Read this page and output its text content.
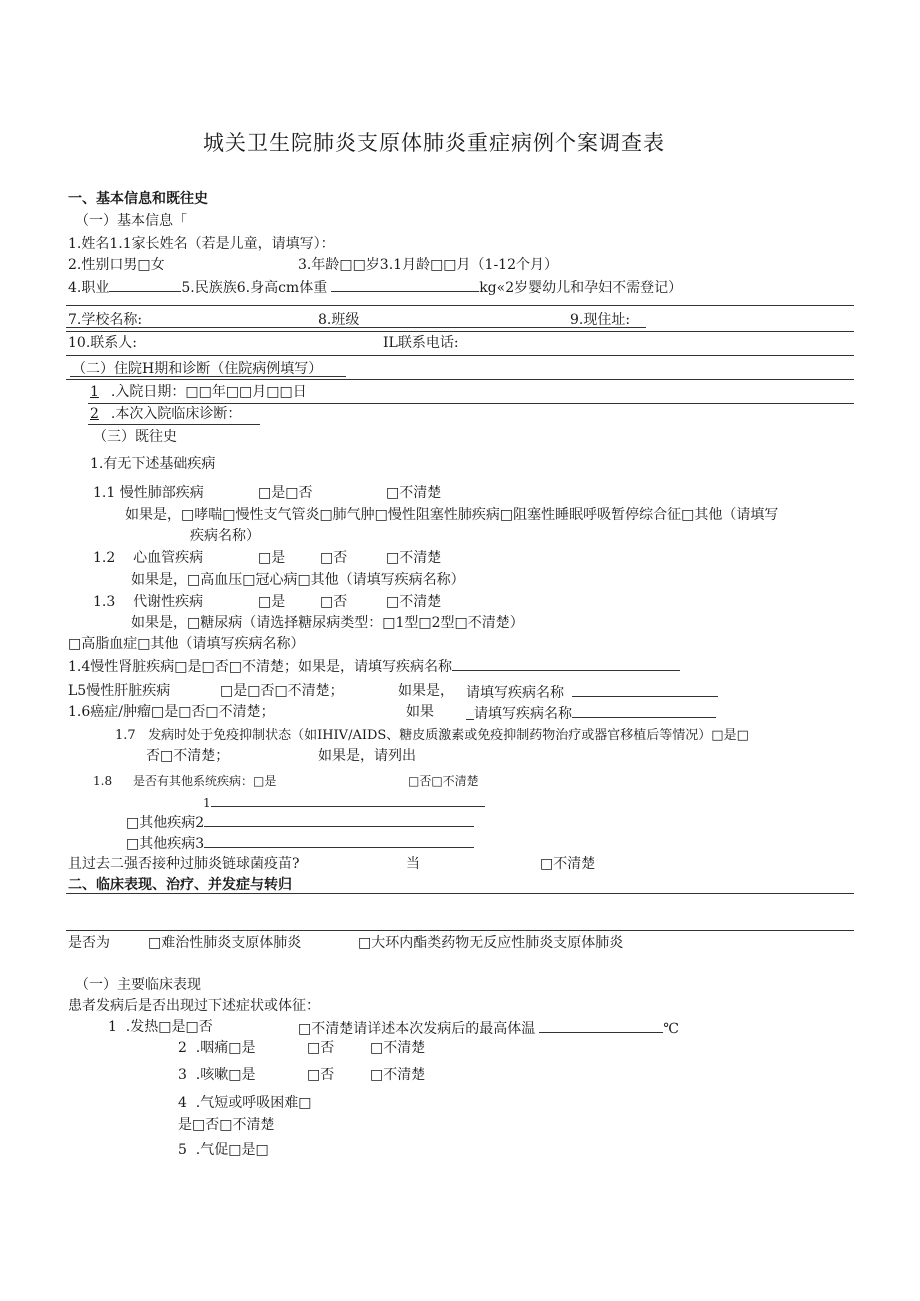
城关卫生院肺炎支原体肺炎重症病例个案调查表
一、基本信息和既往史
（一）基本信息「
1.姓名1.1家长姓名（若是儿童，请填写）：
2.性别口男□女	3.年龄□□岁3.1月龄□□月（1-12个月）
4.职业	5.民族族6.身高cm体重	kg«2岁婴幼儿和孕妇不需登记）
7.学校名称:	8.班级	9.现住址:
10.联系人:	IL联系电话:
（二）住院H期和诊断（住院病例填写）
1 .入院日期：□□年□□月□□日
2 .本次入院临床诊断：
（三）既往史
1.有无下述基础疾病
1.1 慢性肺部疾病	□是□否	□不清楚
如果是，□哮喘□慢性支气管炎□肺气肿□慢性阻塞性肺疾病□阻塞性睡眠呼吸暂停综合征□其他（请填写
疾病名称）
1.2    心血管疾病	□是 □否	□不清楚
如果是，□高血压□冠心病□其他（请填写疾病名称）
1.3    代谢性疾病	□是 □否	□不清楚
如果是，□糖尿病（请选择糖尿病类型：□1型□2型□不清楚）
□高脂血症□其他（请填写疾病名称）
1.4慢性肾脏疾病□是□否□不清楚；如果是，请填写疾病名称
L5慢性肝脏疾病	□是□否□不清楚；	如果是， 请填写疾病名称
1.6癌症/肿瘤□是□否□不清楚；	如果	请填写疾病名称
1.7   发病时处于免疫抑制状态（如IHIV/AIDS、糖皮质激素或免疫抑制药物治疗或器官移植后等情况）□是□
否□不清楚；	如果是，请列出
1.8 是否有其他系统疾病：□是	□否□不清楚
1
□其他疾病2
□其他疾病3
且过去二强否接种过肺炎链球菌疫苗?	当	□不清楚
二、临床表现、治疗、并发症与转归
是否为	□难治性肺炎支原体肺炎	□大环内酯类药物无反应性肺炎支原体肺炎
（一）主要临床表现
患者发病后是否出现过下述症状或体征：
1  .发热□是□否	□不清楚请详述本次发病后的最高体温	℃
2  .咽痛□是	□否	□不清楚
3  .咳嗽□是	□否	□不清楚
4  .气短或呼吸困难□
是□否□不清楚
5  .气促□是□
